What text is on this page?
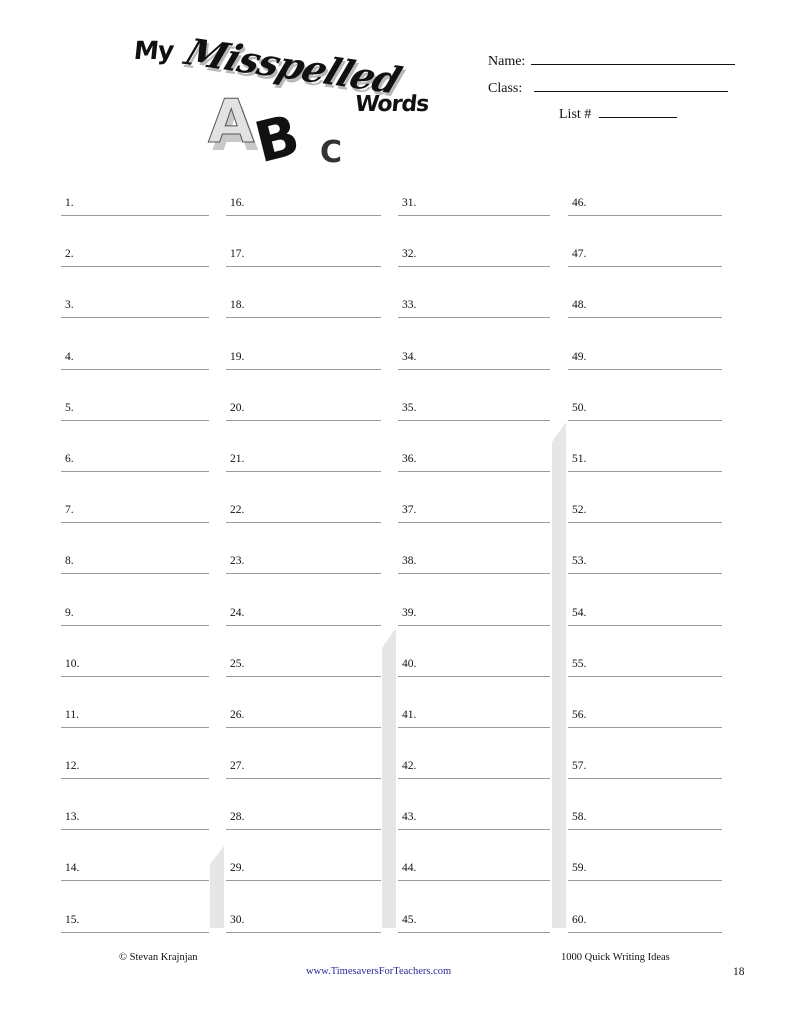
My Misspelled
Words
A
B C
Name:
Class:
List #
1.
2.
3.
4.
5.
6.
7.
8.
9.
10.
11.
12.
13.
14.
15.
16.
17.
18.
19.
20.
21.
22.
23.
24.
25.
26.
27.
28.
29.
30.
31.
32.
33.
34.
35.
36.
37.
38.
39.
40.
41.
42.
43.
44.
45.
46.
47.
48.
49.
50.
51.
52.
53.
54.
55.
56.
57.
58.
59.
60.
© Stevan Krajnjan	1000 Quick Writing Ideas
www.TimesaversForTeachers.com	18
